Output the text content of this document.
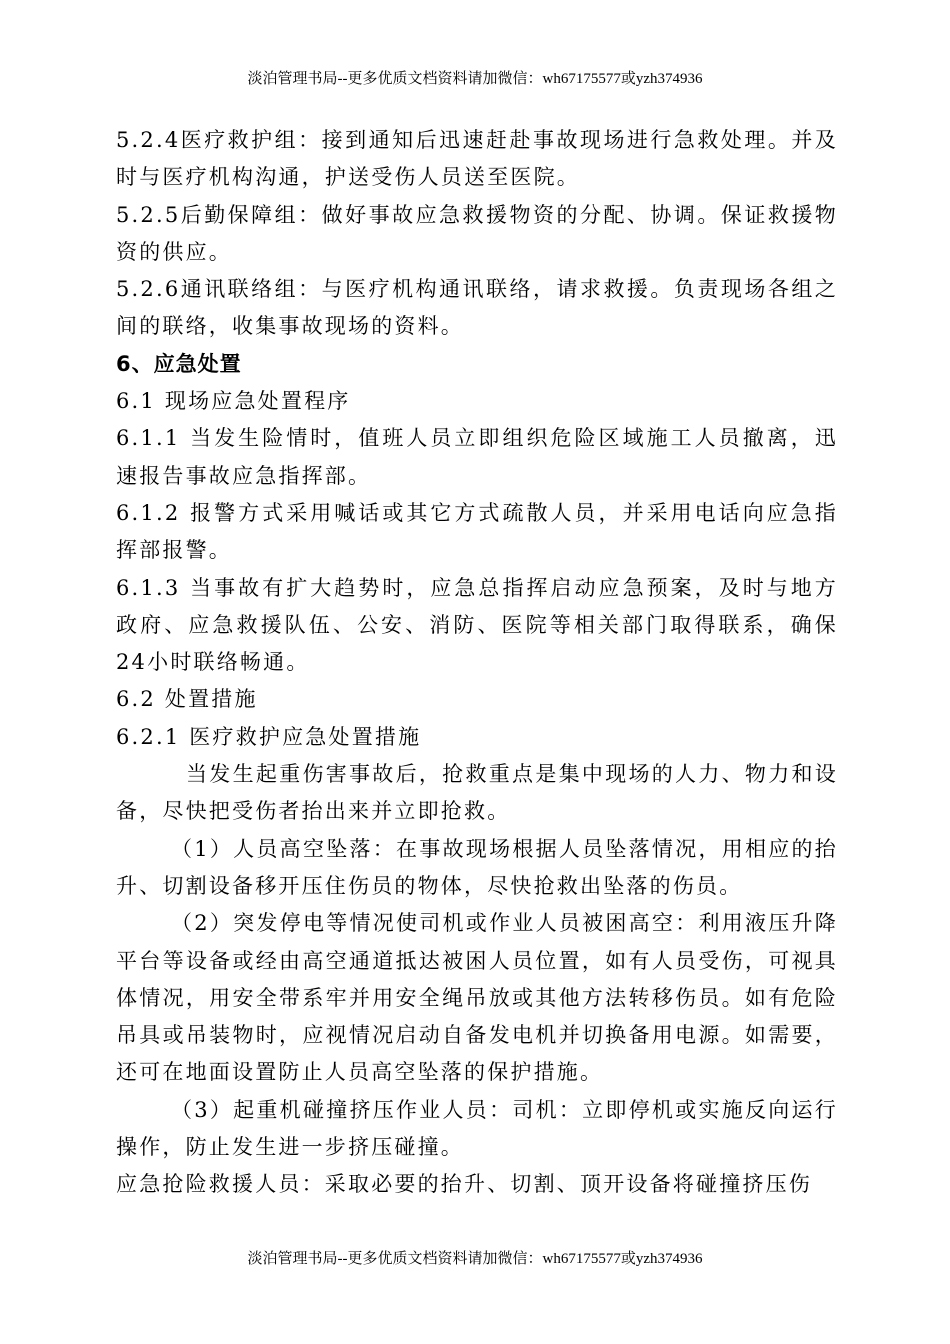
淡泊管理书局--更多优质文档资料请加微信：wh67175577或yzh374936

5.2.4医疗救护组：接到通知后迅速赶赴事故现场进行急救处理。并及时与医疗机构沟通，护送受伤人员送至医院。

5.2.5后勤保障组：做好事故应急救援物资的分配、协调。保证救援物资的供应。

5.2.6通讯联络组：与医疗机构通讯联络，请求救援。负责现场各组之间的联络，收集事故现场的资料。

6、应急处置

6.1 现场应急处置程序

6.1.1 当发生险情时，值班人员立即组织危险区域施工人员撤离，迅速报告事故应急指挥部。

6.1.2 报警方式采用喊话或其它方式疏散人员，并采用电话向应急指挥部报警。

6.1.3 当事故有扩大趋势时，应急总指挥启动应急预案，及时与地方政府、应急救援队伍、公安、消防、医院等相关部门取得联系，确保24小时联络畅通。

6.2 处置措施

6.2.1 医疗救护应急处置措施

当发生起重伤害事故后，抢救重点是集中现场的人力、物力和设备，尽快把受伤者抬出来并立即抢救。

（1）人员高空坠落：在事故现场根据人员坠落情况，用相应的抬升、切割设备移开压住伤员的物体，尽快抢救出坠落的伤员。

（2）突发停电等情况使司机或作业人员被困高空：利用液压升降平台等设备或经由高空通道抵达被困人员位置，如有人员受伤，可视具体情况，用安全带系牢并用安全绳吊放或其他方法转移伤员。如有危险吊具或吊装物时，应视情况启动自备发电机并切换备用电源。如需要，还可在地面设置防止人员高空坠落的保护措施。

（3）起重机碰撞挤压作业人员：司机：立即停机或实施反向运行操作，防止发生进一步挤压碰撞。

应急抢险救援人员：采取必要的抬升、切割、顶开设备将碰撞挤压伤

淡泊管理书局--更多优质文档资料请加微信：wh67175577或yzh374936
